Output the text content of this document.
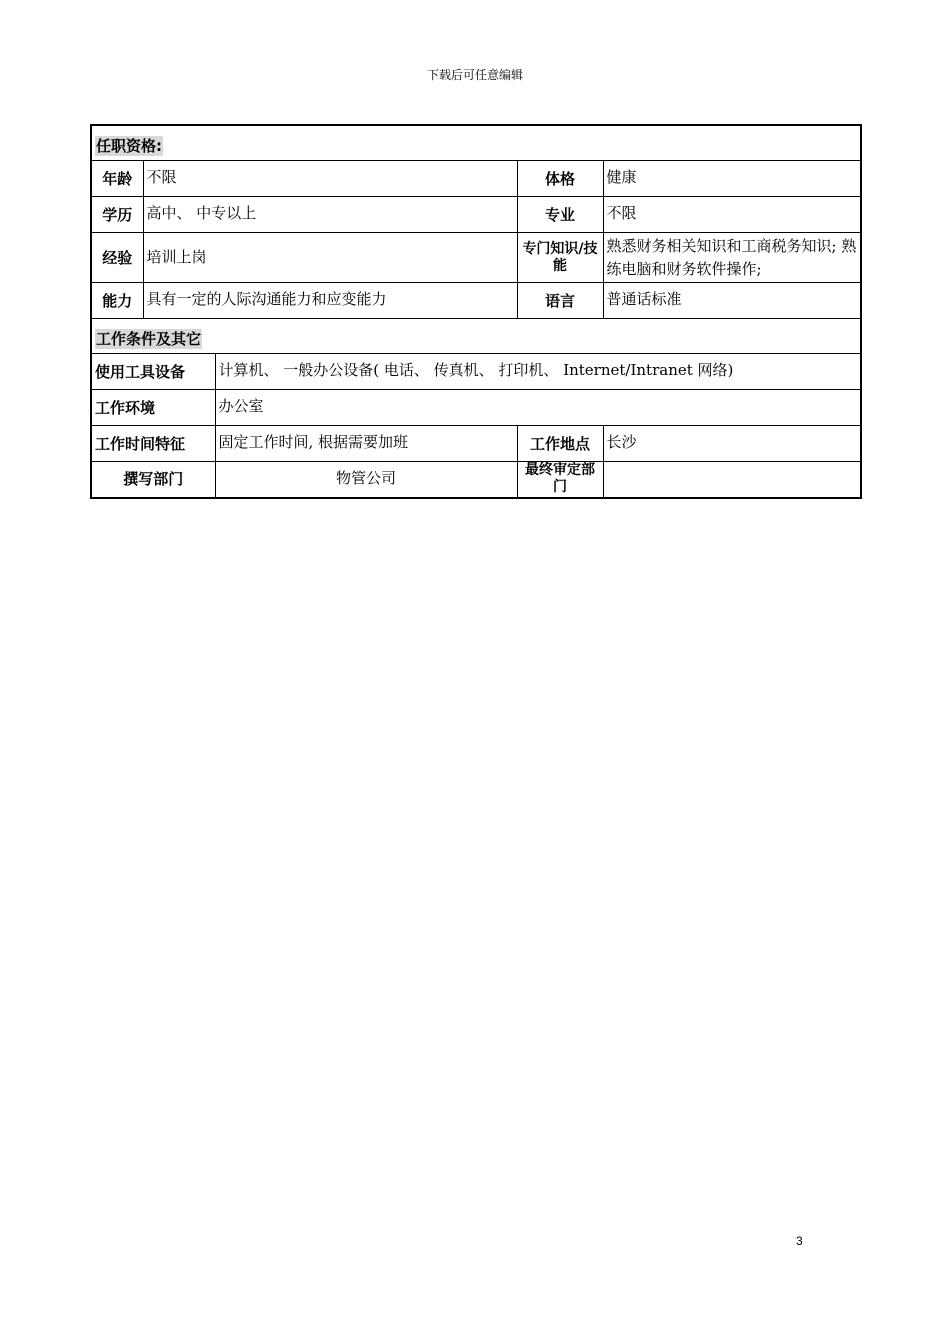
下载后可任意编辑
任职资格:				
年龄	不限		体格	健康
学历	高中、 中专以上		专业	不限
经验	培训上岗		专门知识/技能	熟悉财务相关知识和工商税务知识; 熟练电脑和财务软件操作;
能力	具有一定的人际沟通能力和应变能力		语言	普通话标准
工作条件及其它				
使用工具设备		计算机、 一般办公设备( 电话、 传真机、 打印机、 Internet/Intranet 网络)		
工作环境		办公室		
工作时间特征		固定工作时间, 根据需要加班	工作地点	长沙
撰写部门		物管公司	最终审定部门	
3
